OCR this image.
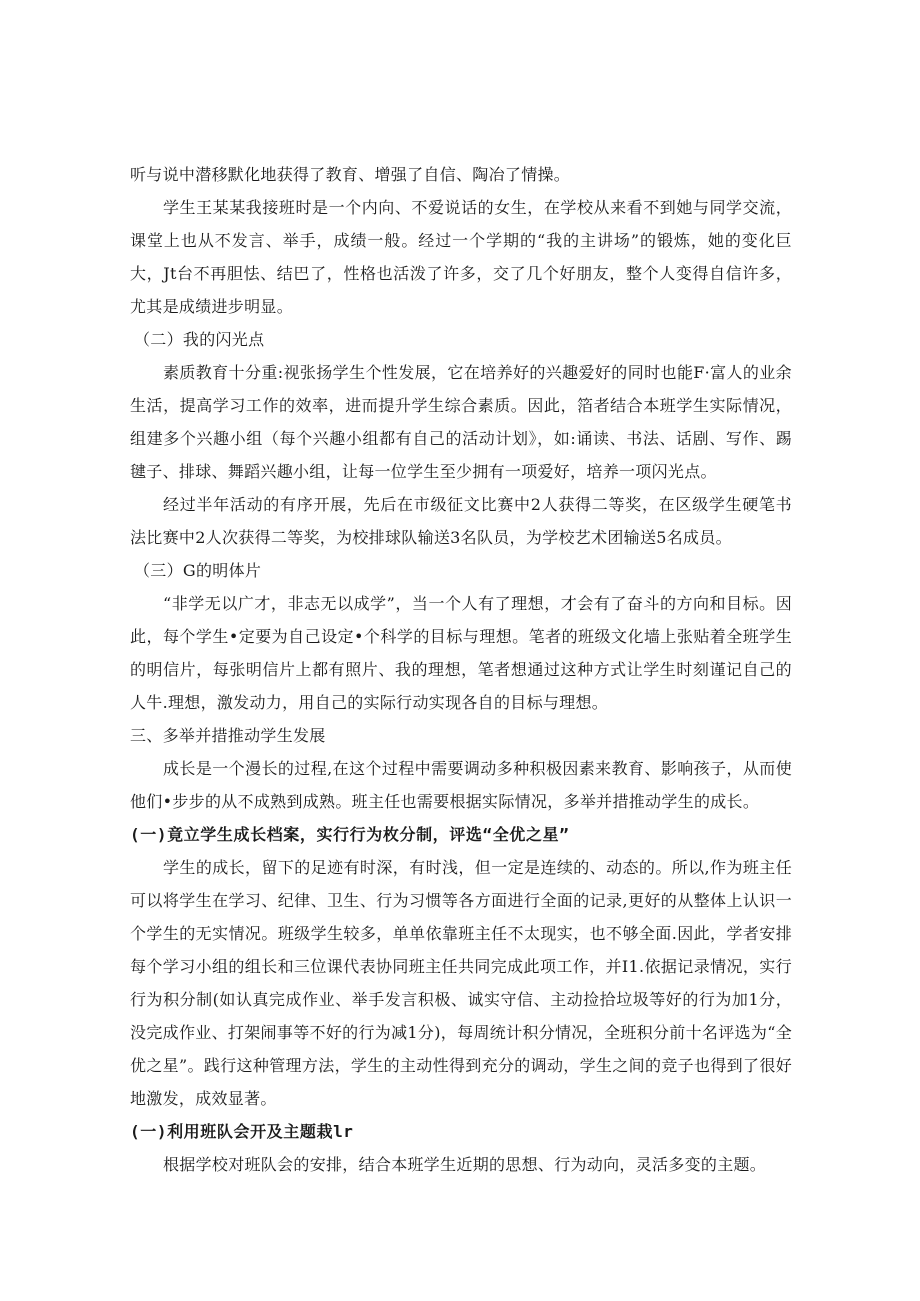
听与说中潜移默化地获得了教育、增强了自信、陶冶了情操。

学生王某某我接班时是一个内向、不爱说话的女生，在学校从来看不到她与同学交流，课堂上也从不发言、举手，成绩一般。经过一个学期的“我的主讲场”的锻炼，她的变化巨大，Jt台不再胆怯、结巴了，性格也活泼了许多，交了几个好朋友，整个人变得自信许多，尤其是成绩进步明显。

（二）我的闪光点

素质教育十分重:视张扬学生个性发展，它在培养好的兴趣爱好的同时也能F·富人的业余生活，提高学习工作的效率，进而提升学生综合素质。因此，箔者结合本班学生实际情况，组建多个兴趣小组（每个兴趣小组都有自己的活动计划》，如:诵读、书法、话剧、写作、踢毽子、排球、舞蹈兴趣小组，让每一位学生至少拥有一项爱好，培养一项闪光点。

经过半年活动的有序开展，先后在市级征文比赛中2人获得二等奖，在区级学生硬笔书法比赛中2人次获得二等奖，为校排球队输送3名队员，为学校艺术团输送5名成员。

（三）G的明体片

“非学无以广才，非志无以成学”，当一个人有了理想，才会有了奋斗的方向和目标。因此，每个学生•定要为自己设定•个科学的目标与理想。笔者的班级文化墙上张贴着全班学生的明信片，每张明信片上都有照片、我的理想，笔者想通过这种方式让学生时刻谨记自己的人牛.理想，激发动力，用自己的实际行动实现各自的目标与理想。

三、多举并措推动学生发展

成长是一个漫长的过程,在这个过程中需要调动多种积极因素来教育、影响孩子，从而使他们•步步的从不成熟到成熟。班主任也需要根据实际情况，多举并措推动学生的成长。

(一)竟立学生成长档案，实行行为枚分制，评选“全优之星”

学生的成长，留下的足迹有时深，有时浅，但一定是连续的、动态的。所以,作为班主任可以将学生在学习、纪律、卫生、行为习惯等各方面进行全面的记录,更好的从整体上认识一个学生的无实情况。班级学生较多，单单依靠班主任不太现实，也不够全面.因此，学者安排每个学习小组的组长和三位课代表协同班主任共同完成此项工作，并I1.依据记录情况，实行行为积分制(如认真完成作业、举手发言积极、诚实守信、主动捡拾垃圾等好的行为加1分，没完成作业、打架闹事等不好的行为减1分)，每周统计积分情况，全班积分前十名评选为“全优之星”。践行这种管理方法，学生的主动性得到充分的调动，学生之间的竞子也得到了很好地激发，成效显著。

(一)利用班队会开及主题栽lr

根据学校对班队会的安排，结合本班学生近期的思想、行为动向，灵活多变的主题。
